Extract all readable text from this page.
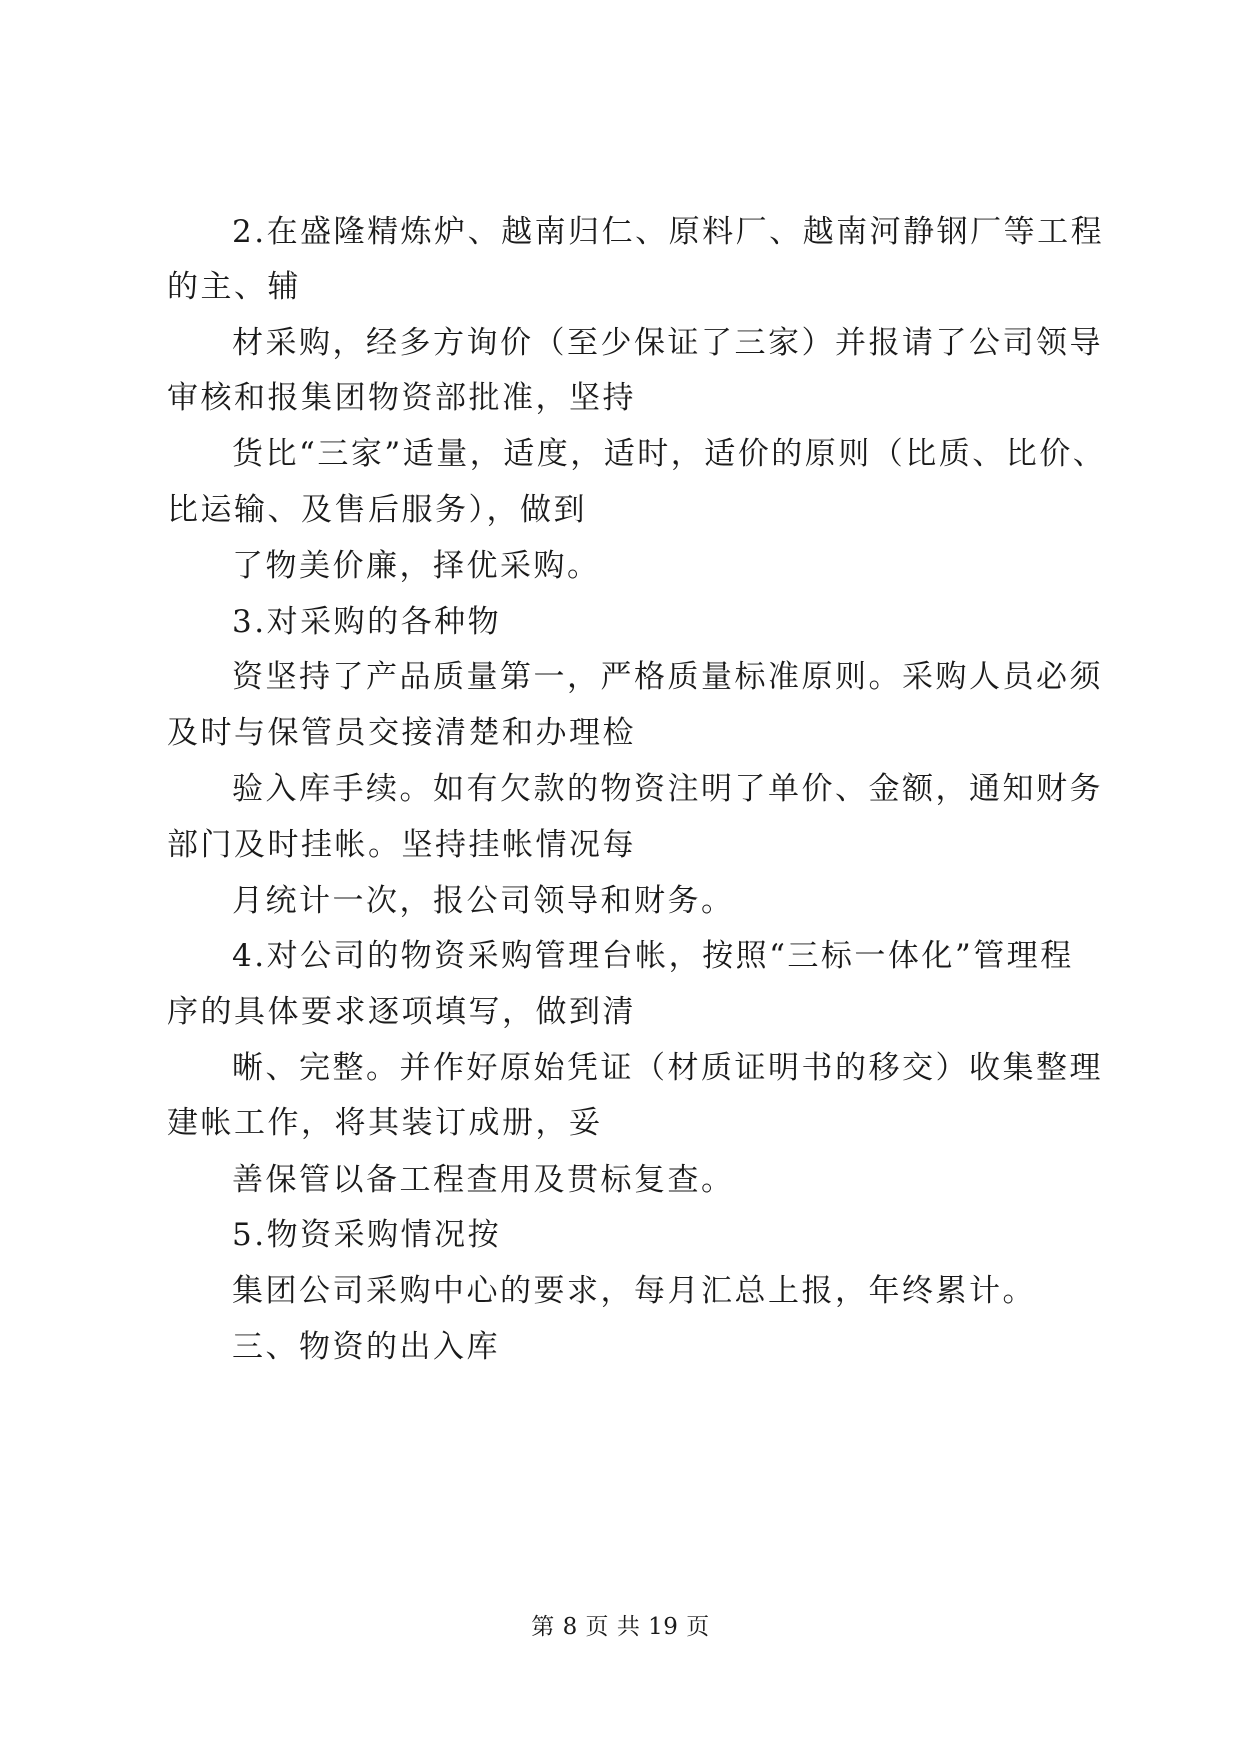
2.在盛隆精炼炉、越南归仁、原料厂、越南河静钢厂等工程
的主、辅
材采购，经多方询价（至少保证了三家）并报请了公司领导
审核和报集团物资部批准，坚持
货比“三家”适量，适度，适时，适价的原则（比质、比价、
比运输、及售后服务），做到
了物美价廉，择优采购。
3.对采购的各种物
资坚持了产品质量第一，严格质量标准原则。采购人员必须
及时与保管员交接清楚和办理检
验入库手续。如有欠款的物资注明了单价、金额，通知财务
部门及时挂帐。坚持挂帐情况每
月统计一次，报公司领导和财务。
4.对公司的物资采购管理台帐，按照“三标一体化”管理程
序的具体要求逐项填写，做到清
晰、完整。并作好原始凭证（材质证明书的移交）收集整理
建帐工作，将其装订成册，妥
善保管以备工程查用及贯标复查。
5.物资采购情况按
集团公司采购中心的要求，每月汇总上报，年终累计。
三、物资的出入库
第 8 页 共 19 页
